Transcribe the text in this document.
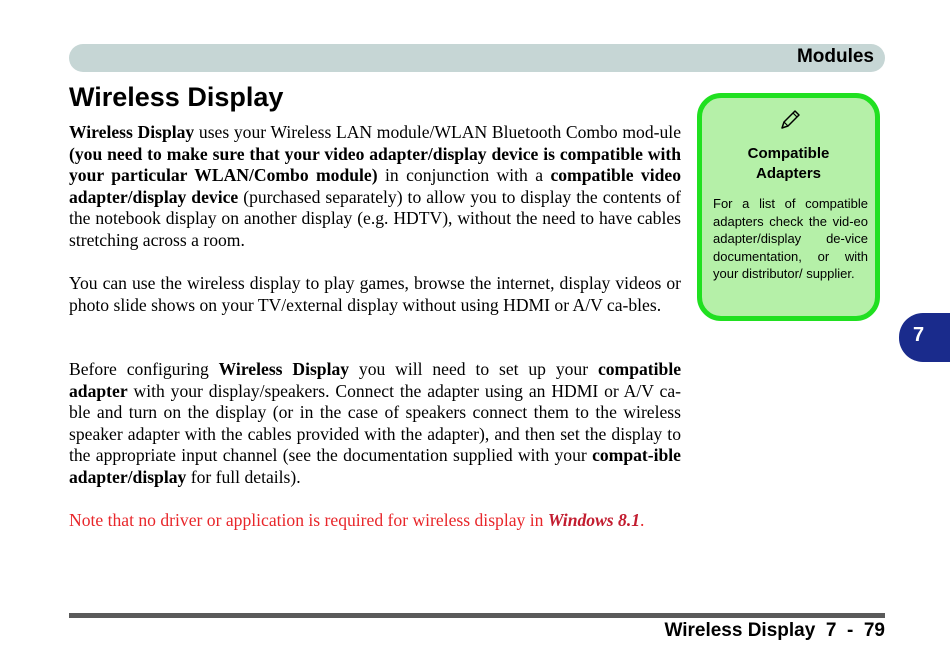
Modules
Wireless Display

Wireless Display uses your Wireless LAN module/WLAN Bluetooth Combo mod-ule (you need to make sure that your video adapter/display device is compatible with your particular WLAN/Combo module) in conjunction with a compatible video adapter/display device (purchased separately) to allow you to display the contents of the notebook display on another display (e.g. HDTV), without the need to have cables stretching across a room.

You can use the wireless display to play games, browse the internet, display videos or photo slide shows on your TV/external display without using HDMI or A/V ca-bles.

Before configuring Wireless Display you will need to set up your compatible adapter with your display/speakers. Connect the adapter using an HDMI or A/V ca-ble and turn on the display (or in the case of speakers connect them to the wireless speaker adapter with the cables provided with the adapter), and then set the display to the appropriate input channel (see the documentation supplied with your compat-ible adapter/display for full details).

Note that no driver or application is required for wireless display in Windows 8.1.

Compatible
Adapters
For a list of compatible adapters check the vid-eo adapter/display de-vice documentation, or with your distributor/ supplier.
7
Wireless Display  7  -  79
